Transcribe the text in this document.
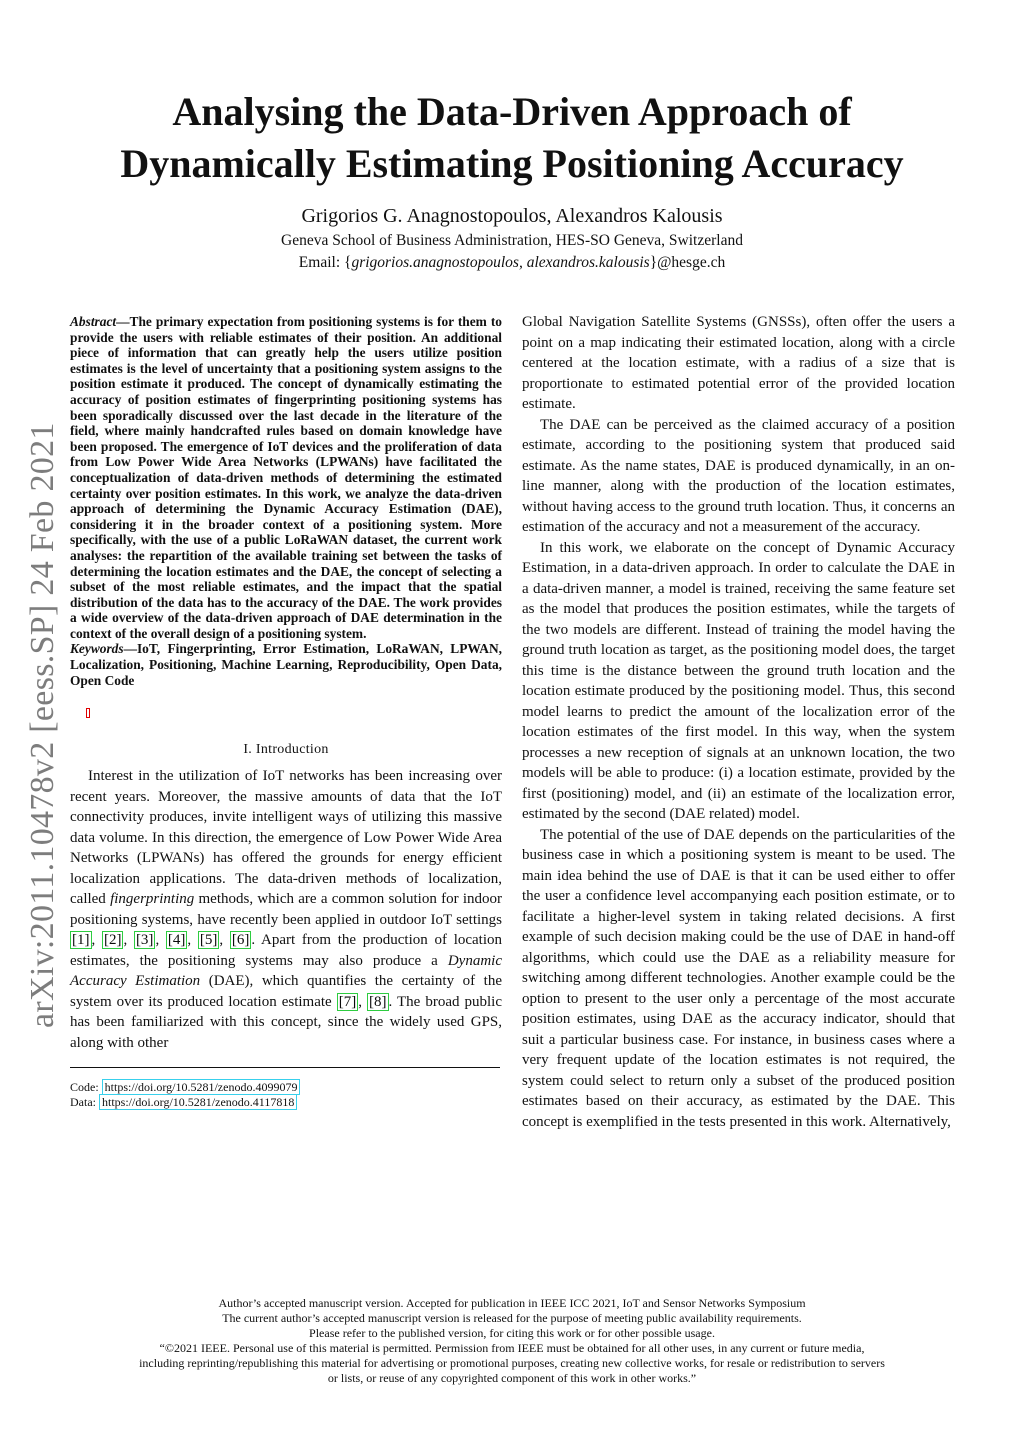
Analysing the Data-Driven Approach of Dynamically Estimating Positioning Accuracy

Grigorios G. Anagnostopoulos, Alexandros Kalousis

Geneva School of Business Administration, HES-SO Geneva, Switzerland

Email: {grigorios.anagnostopoulos, alexandros.kalousis}@hesge.ch

arXiv:2011.10478v2 [eess.SP] 24 Feb 2021

Abstract—The primary expectation from positioning systems is for them to provide the users with reliable estimates of their position. An additional piece of information that can greatly help the users utilize position estimates is the level of uncertainty that a positioning system assigns to the position estimate it produced. The concept of dynamically estimating the accuracy of position estimates of fingerprinting positioning systems has been sporadically discussed over the last decade in the literature of the field, where mainly handcrafted rules based on domain knowledge have been proposed. The emergence of IoT devices and the proliferation of data from Low Power Wide Area Networks (LPWANs) have facilitated the conceptualization of data-driven methods of determining the estimated certainty over position estimates. In this work, we analyze the data-driven approach of determining the Dynamic Accuracy Estimation (DAE), considering it in the broader context of a positioning system. More specifically, with the use of a public LoRaWAN dataset, the current work analyses: the repartition of the available training set between the tasks of determining the location estimates and the DAE, the concept of selecting a subset of the most reliable estimates, and the impact that the spatial distribution of the data has to the accuracy of the DAE. The work provides a wide overview of the data-driven approach of DAE determination in the context of the overall design of a positioning system.

Keywords—IoT, Fingerprinting, Error Estimation, LoRaWAN, LPWAN, Localization, Positioning, Machine Learning, Reproducibility, Open Data, Open Code

I. Introduction

Interest in the utilization of IoT networks has been increasing over recent years. Moreover, the massive amounts of data that the IoT connectivity produces, invite intelligent ways of utilizing this massive data volume. In this direction, the emergence of Low Power Wide Area Networks (LPWANs) has offered the grounds for energy efficient localization applications. The data-driven methods of localization, called fingerprinting methods, which are a common solution for indoor positioning systems, have recently been applied in outdoor IoT settings [1] , [2] , [3] , [4] , [5] , [6] . Apart from the production of location estimates, the positioning systems may also produce a Dynamic Accuracy Estimation (DAE), which quantifies the certainty of the system over its produced location estimate [7] , [8] . The broad public has been familiarized with this concept, since the widely used GPS, along with other

Code: https://doi.org/10.5281/zenodo.4099079

Data: https://doi.org/10.5281/zenodo.4117818

Global Navigation Satellite Systems (GNSSs), often offer the users a point on a map indicating their estimated location, along with a circle centered at the location estimate, with a radius of a size that is proportionate to estimated potential error of the provided location estimate.

The DAE can be perceived as the claimed accuracy of a position estimate, according to the positioning system that produced said estimate. As the name states, DAE is produced dynamically, in an on-line manner, along with the production of the location estimates, without having access to the ground truth location. Thus, it concerns an estimation of the accuracy and not a measurement of the accuracy.

In this work, we elaborate on the concept of Dynamic Accuracy Estimation, in a data-driven approach. In order to calculate the DAE in a data-driven manner, a model is trained, receiving the same feature set as the model that produces the position estimates, while the targets of the two models are different. Instead of training the model having the ground truth location as target, as the positioning model does, the target this time is the distance between the ground truth location and the location estimate produced by the positioning model. Thus, this second model learns to predict the amount of the localization error of the location estimates of the first model. In this way, when the system processes a new reception of signals at an unknown location, the two models will be able to produce: (i) a location estimate, provided by the first (positioning) model, and (ii) an estimate of the localization error, estimated by the second (DAE related) model.

The potential of the use of DAE depends on the particularities of the business case in which a positioning system is meant to be used. The main idea behind the use of DAE is that it can be used either to offer the user a confidence level accompanying each position estimate, or to facilitate a higher-level system in taking related decisions. A first example of such decision making could be the use of DAE in hand-off algorithms, which could use the DAE as a reliability measure for switching among different technologies. Another example could be the option to present to the user only a percentage of the most accurate position estimates, using DAE as the accuracy indicator, should that suit a particular business case. For instance, in business cases where a very frequent update of the location estimates is not required, the system could select to return only a subset of the produced position estimates based on their accuracy, as estimated by the DAE. This concept is exemplified in the tests presented in this work. Alternatively,

Author’s accepted manuscript version. Accepted for publication in IEEE ICC 2021, IoT and Sensor Networks Symposium

The current author’s accepted manuscript version is released for the purpose of meeting public availability requirements.

Please refer to the published version, for citing this work or for other possible usage.

“©2021 IEEE. Personal use of this material is permitted. Permission from IEEE must be obtained for all other uses, in any current or future media,

including reprinting/republishing this material for advertising or promotional purposes, creating new collective works, for resale or redistribution to servers

or lists, or reuse of any copyrighted component of this work in other works.”
